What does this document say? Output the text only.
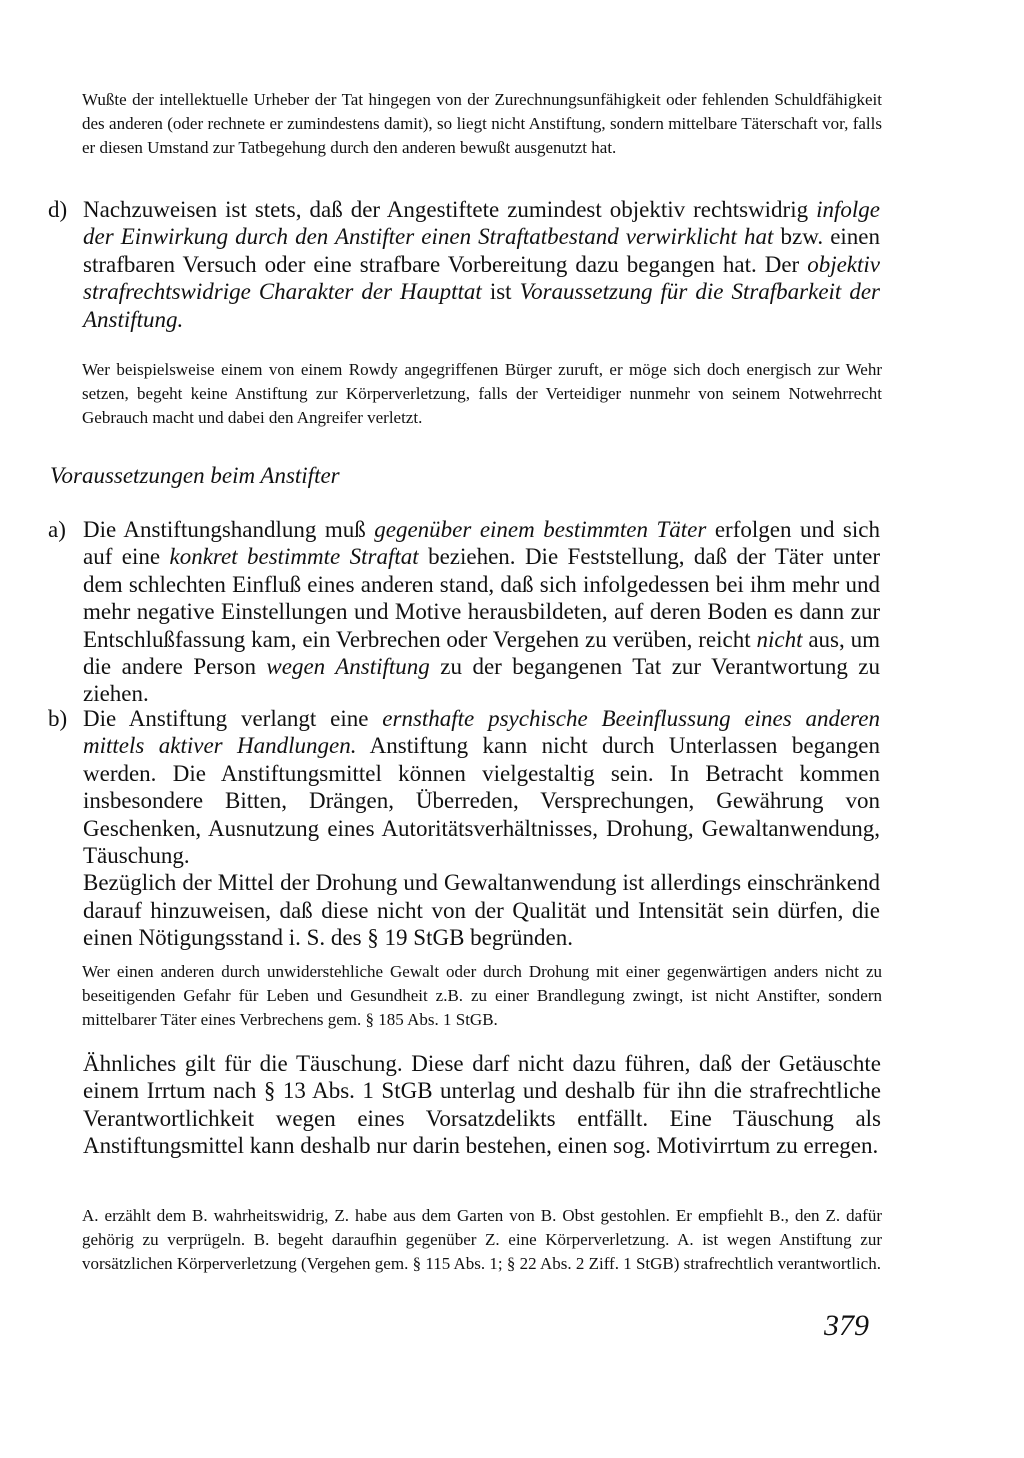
Wußte der intellektuelle Urheber der Tat hingegen von der Zurechnungsunfähigkeit oder fehlenden Schuldfähigkeit des anderen (oder rechnete er zumindestens damit), so liegt nicht Anstiftung, sondern mittelbare Täterschaft vor, falls er diesen Umstand zur Tatbegehung durch den anderen bewußt ausgenutzt hat.
d) Nachzuweisen ist stets, daß der Angestiftete zumindest objektiv rechtswidrig infolge der Einwirkung durch den Anstifter einen Straftatbestand verwirklicht hat bzw. einen strafbaren Versuch oder eine strafbare Vorbereitung dazu begangen hat. Der objektiv strafrechtswidrige Charakter der Haupttat ist Voraussetzung für die Strafbarkeit der Anstiftung.
Wer beispielsweise einem von einem Rowdy angegriffenen Bürger zuruft, er möge sich doch energisch zur Wehr setzen, begeht keine Anstiftung zur Körperverletzung, falls der Verteidiger nunmehr von seinem Notwehrrecht Gebrauch macht und dabei den Angreifer verletzt.
Voraussetzungen beim Anstifter
a) Die Anstiftungshandlung muß gegenüber einem bestimmten Täter erfolgen und sich auf eine konkret bestimmte Straftat beziehen. Die Feststellung, daß der Täter unter dem schlechten Einfluß eines anderen stand, daß sich infolgedessen bei ihm mehr und mehr negative Einstellungen und Motive herausbildeten, auf deren Boden es dann zur Entschlußfassung kam, ein Verbrechen oder Vergehen zu verüben, reicht nicht aus, um die andere Person wegen Anstiftung zu der begangenen Tat zur Verantwortung zu ziehen.
b) Die Anstiftung verlangt eine ernsthafte psychische Beeinflussung eines anderen mittels aktiver Handlungen. Anstiftung kann nicht durch Unterlassen begangen werden. Die Anstiftungsmittel können vielgestaltig sein. In Betracht kommen insbesondere Bitten, Drängen, Überreden, Versprechungen, Gewährung von Geschenken, Ausnutzung eines Autoritätsverhältnisses, Drohung, Gewaltanwendung, Täuschung.

Bezüglich der Mittel der Drohung und Gewaltanwendung ist allerdings einschränkend darauf hinzuweisen, daß diese nicht von der Qualität und Intensität sein dürfen, die einen Nötigungsstand i. S. des § 19 StGB begründen.

Wer einen anderen durch unwiderstehliche Gewalt oder durch Drohung mit einer gegenwärtigen anders nicht zu beseitigenden Gefahr für Leben und Gesundheit z.B. zu einer Brandlegung zwingt, ist nicht Anstifter, sondern mittelbarer Täter eines Verbrechens gem. § 185 Abs. 1 StGB.
Ähnliches gilt für die Täuschung. Diese darf nicht dazu führen, daß der Getäuschte einem Irrtum nach § 13 Abs. 1 StGB unterlag und deshalb für ihn die strafrechtliche Verantwortlichkeit wegen eines Vorsatzdelikts entfällt. Eine Täuschung als Anstiftungsmittel kann deshalb nur darin bestehen, einen sog. Motivirrtum zu erregen.
A. erzählt dem B. wahrheitswidrig, Z. habe aus dem Garten von B. Obst gestohlen. Er empfiehlt B., den Z. dafür gehörig zu verprügeln. B. begeht daraufhin gegenüber Z. eine Körperverletzung. A. ist wegen Anstiftung zur vorsätzlichen Körperverletzung (Vergehen gem. § 115 Abs. 1; § 22 Abs. 2 Ziff. 1 StGB) strafrechtlich verantwortlich.
379
